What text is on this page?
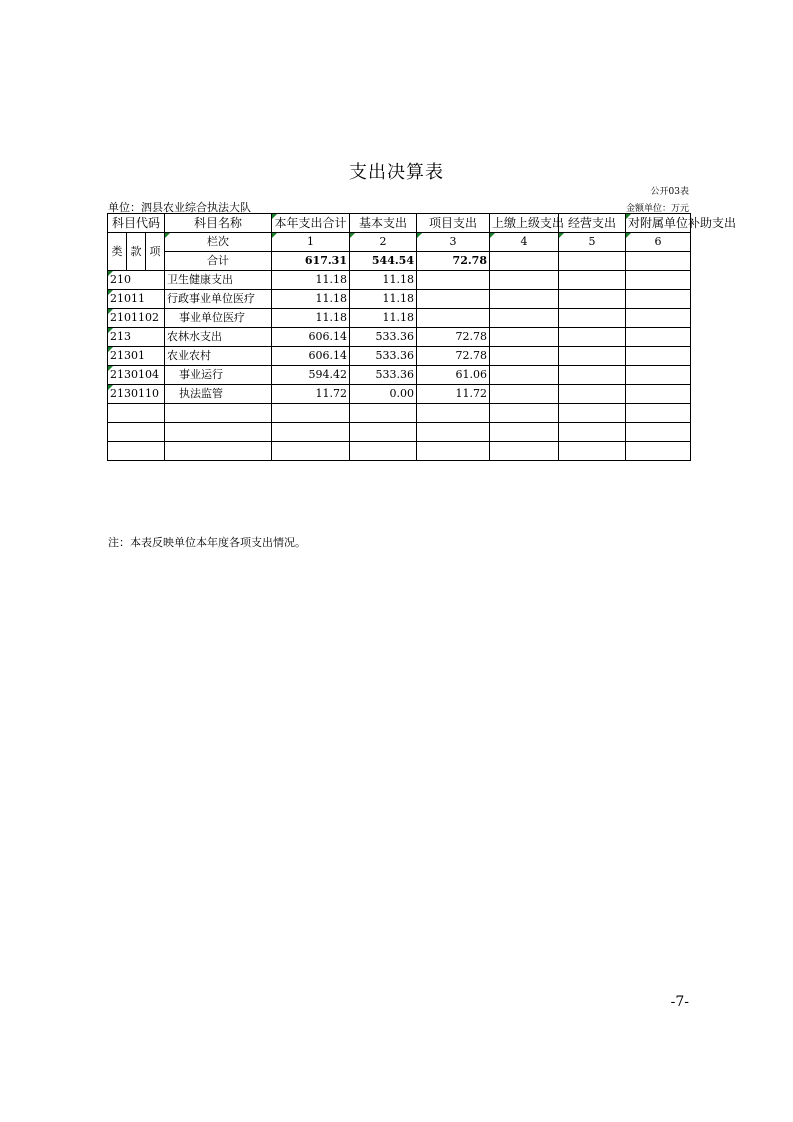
支出决算表
公开03表
单位：泗县农业综合执法大队	金额单位：万元
科目代码	科目名称	本年支出合计	基本支出	项目支出	上缴上级支出	经营支出	对附属单位补助支出

类 款 项	栏次	1	2	3	4	5	6
	合计	617.31	544.54	72.78			
210	卫生健康支出	11.18	11.18				
21011	行政事业单位医疗	11.18	11.18				
2101102	事业单位医疗	11.18	11.18				
213	农林水支出	606.14	533.36	72.78			
21301	农业农村	606.14	533.36	72.78			
2130104	事业运行	594.42	533.36	61.06			
2130110	执法监管	11.72	0.00	11.72			

注：本表反映单位本年度各项支出情况。
-7-
